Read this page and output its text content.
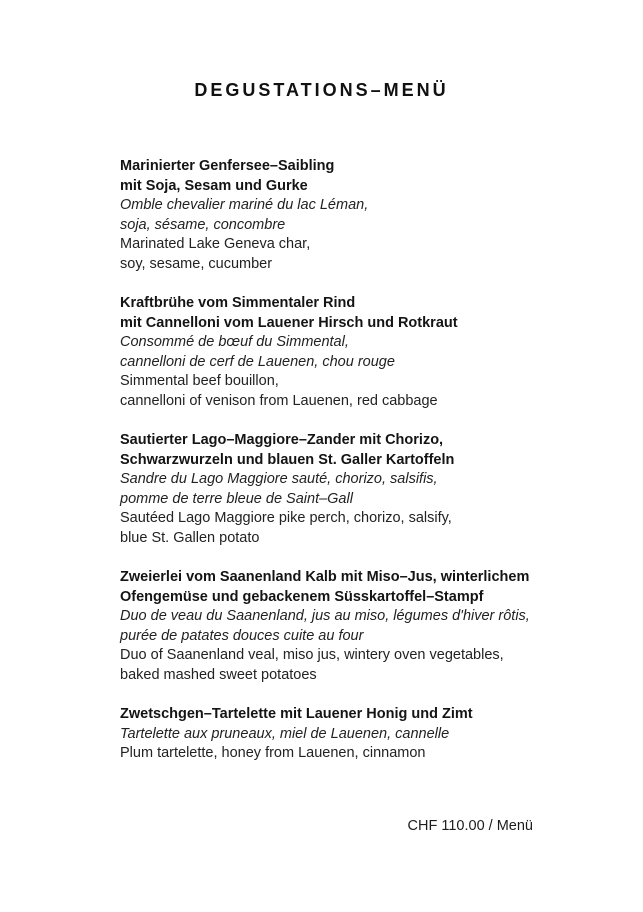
DEGUSTATIONS–MENÜ
Marinierter Genfersee–Saibling
mit Soja, Sesam und Gurke
Omble chevalier mariné du lac Léman,
soja, sésame, concombre
Marinated Lake Geneva char,
soy, sesame, cucumber
Kraftbrühe vom Simmentaler Rind
mit Cannelloni vom Lauener Hirsch und Rotkraut
Consommé de bœuf du Simmental,
cannelloni de cerf de Lauenen, chou rouge
Simmental beef bouillon,
cannelloni of venison from Lauenen, red cabbage
Sautierter Lago–Maggiore–Zander mit Chorizo,
Schwarzwurzeln und blauen St. Galler Kartoffeln
Sandre du Lago Maggiore sauté, chorizo, salsifis,
pomme de terre bleue de Saint–Gall
Sautéed Lago Maggiore pike perch, chorizo, salsify,
blue St. Gallen potato
Zweierlei vom Saanenland Kalb mit Miso–Jus, winterlichem
Ofengemüse und gebackenem Süsskartoffel–Stampf
Duo de veau du Saanenland, jus au miso, légumes d'hiver rôtis,
purée de patates douces cuite au four
Duo of Saanenland veal, miso jus, wintery oven vegetables,
baked mashed sweet potatoes
Zwetschgen–Tartelette mit Lauener Honig und Zimt
Tartelette aux pruneaux, miel de Lauenen, cannelle
Plum tartelette, honey from Lauenen, cinnamon
CHF 110.00 / Menü
